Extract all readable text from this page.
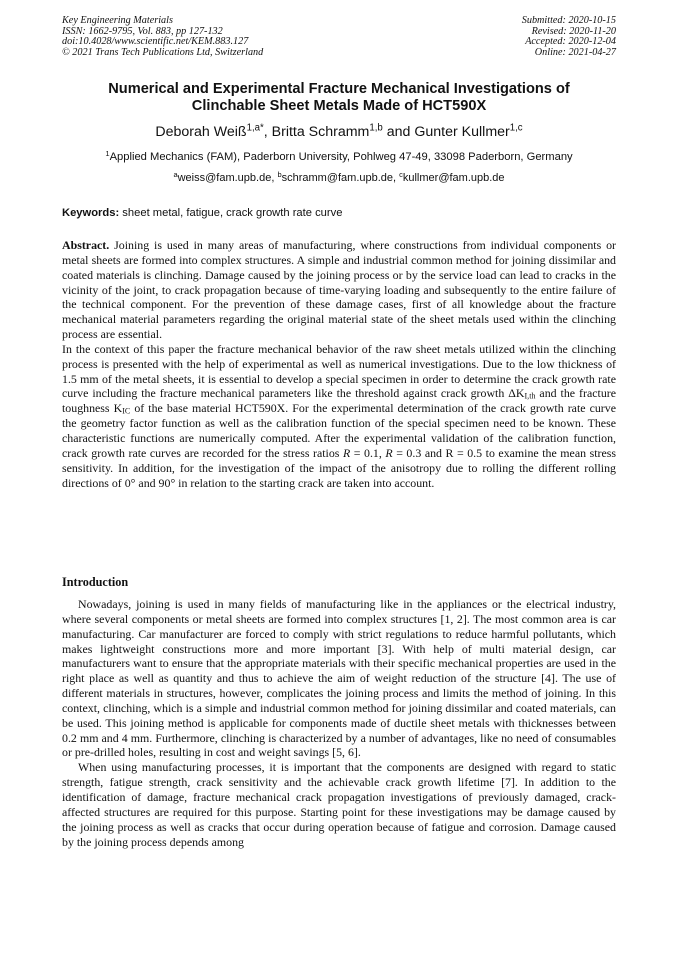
Key Engineering Materials
ISSN: 1662-9795, Vol. 883, pp 127-132
doi:10.4028/www.scientific.net/KEM.883.127
© 2021 Trans Tech Publications Ltd, Switzerland
Submitted: 2020-10-15
Revised: 2020-11-20
Accepted: 2020-12-04
Online: 2021-04-27
Numerical and Experimental Fracture Mechanical Investigations of
Clinchable Sheet Metals Made of HCT590X
Deborah Weiß$^{1,a*}$, Britta Schramm$^{1,b}$ and Gunter Kullmer$^{1,c}$
$^1$Applied Mechanics (FAM), Paderborn University, Pohlweg 47-49, 33098 Paderborn, Germany
$^a$weiss@fam.upb.de, $^b$schramm@fam.upb.de, $^c$kullmer@fam.upb.de
Keywords: sheet metal, fatigue, crack growth rate curve

Abstract. Joining is used in many areas of manufacturing, where constructions from individual components or metal sheets are formed into complex structures. A simple and industrial common method for joining dissimilar and coated materials is clinching. Damage caused by the joining process or by the service load can lead to cracks in the vicinity of the joint, to crack propagation because of time-varying loading and subsequently to the entire failure of the technical component. For the prevention of these damage cases, first of all knowledge about the fracture mechanical material parameters regarding the original material state of the sheet metals used within the clinching process are essential.

In the context of this paper the fracture mechanical behavior of the raw sheet metals utilized within the clinching process is presented with the help of experimental as well as numerical investigations. Due to the low thickness of 1.5 mm of the metal sheets, it is essential to develop a special specimen in order to determine the crack growth rate curve including the fracture mechanical parameters like the threshold against crack growth $\Delta K_{I,th}$ and the fracture toughness $K_{IC}$ of the base material HCT590X. For the experimental determination of the crack growth rate curve the geometry factor function as well as the calibration function of the special specimen need to be known. These characteristic functions are numerically computed. After the experimental validation of the calibration function, crack growth rate curves are recorded for the stress ratios R = 0.1, R = 0.3 and R = 0.5 to examine the mean stress sensitivity. In addition, for the investigation of the impact of the anisotropy due to rolling the different rolling directions of 0° and 90° in relation to the starting crack are taken into account.

Introduction

Nowadays, joining is used in many fields of manufacturing like in the appliances or the electrical industry, where several components or metal sheets are formed into complex structures [1, 2]. The most common area is car manufacturing. Car manufacturer are forced to comply with strict regulations to reduce harmful pollutants, which makes lightweight constructions more and more important [3]. With help of multi material design, car manufacturers want to ensure that the appropriate materials with their specific mechanical properties are used in the right place as well as quantity and thus to achieve the aim of weight reduction of the structure [4]. The use of different materials in structures, however, complicates the joining process and limits the method of joining. In this context, clinching, which is a simple and industrial common method for joining dissimilar and coated materials, can be used. This joining method is applicable for components made of ductile sheet metals with thicknesses between 0.2 mm and 4 mm. Furthermore, clinching is characterized by a number of advantages, like no need of consumables or pre-drilled holes, resulting in cost and weight savings [5, 6].

When using manufacturing processes, it is important that the components are designed with regard to static strength, fatigue strength, crack sensitivity and the achievable crack growth lifetime [7]. In addition to the identification of damage, fracture mechanical crack propagation investigations of previously damaged, crack-affected structures are required for this purpose. Starting point for these investigations may be damage caused by the joining process as well as cracks that occur during operation because of fatigue and corrosion. Damage caused by the joining process depends among
